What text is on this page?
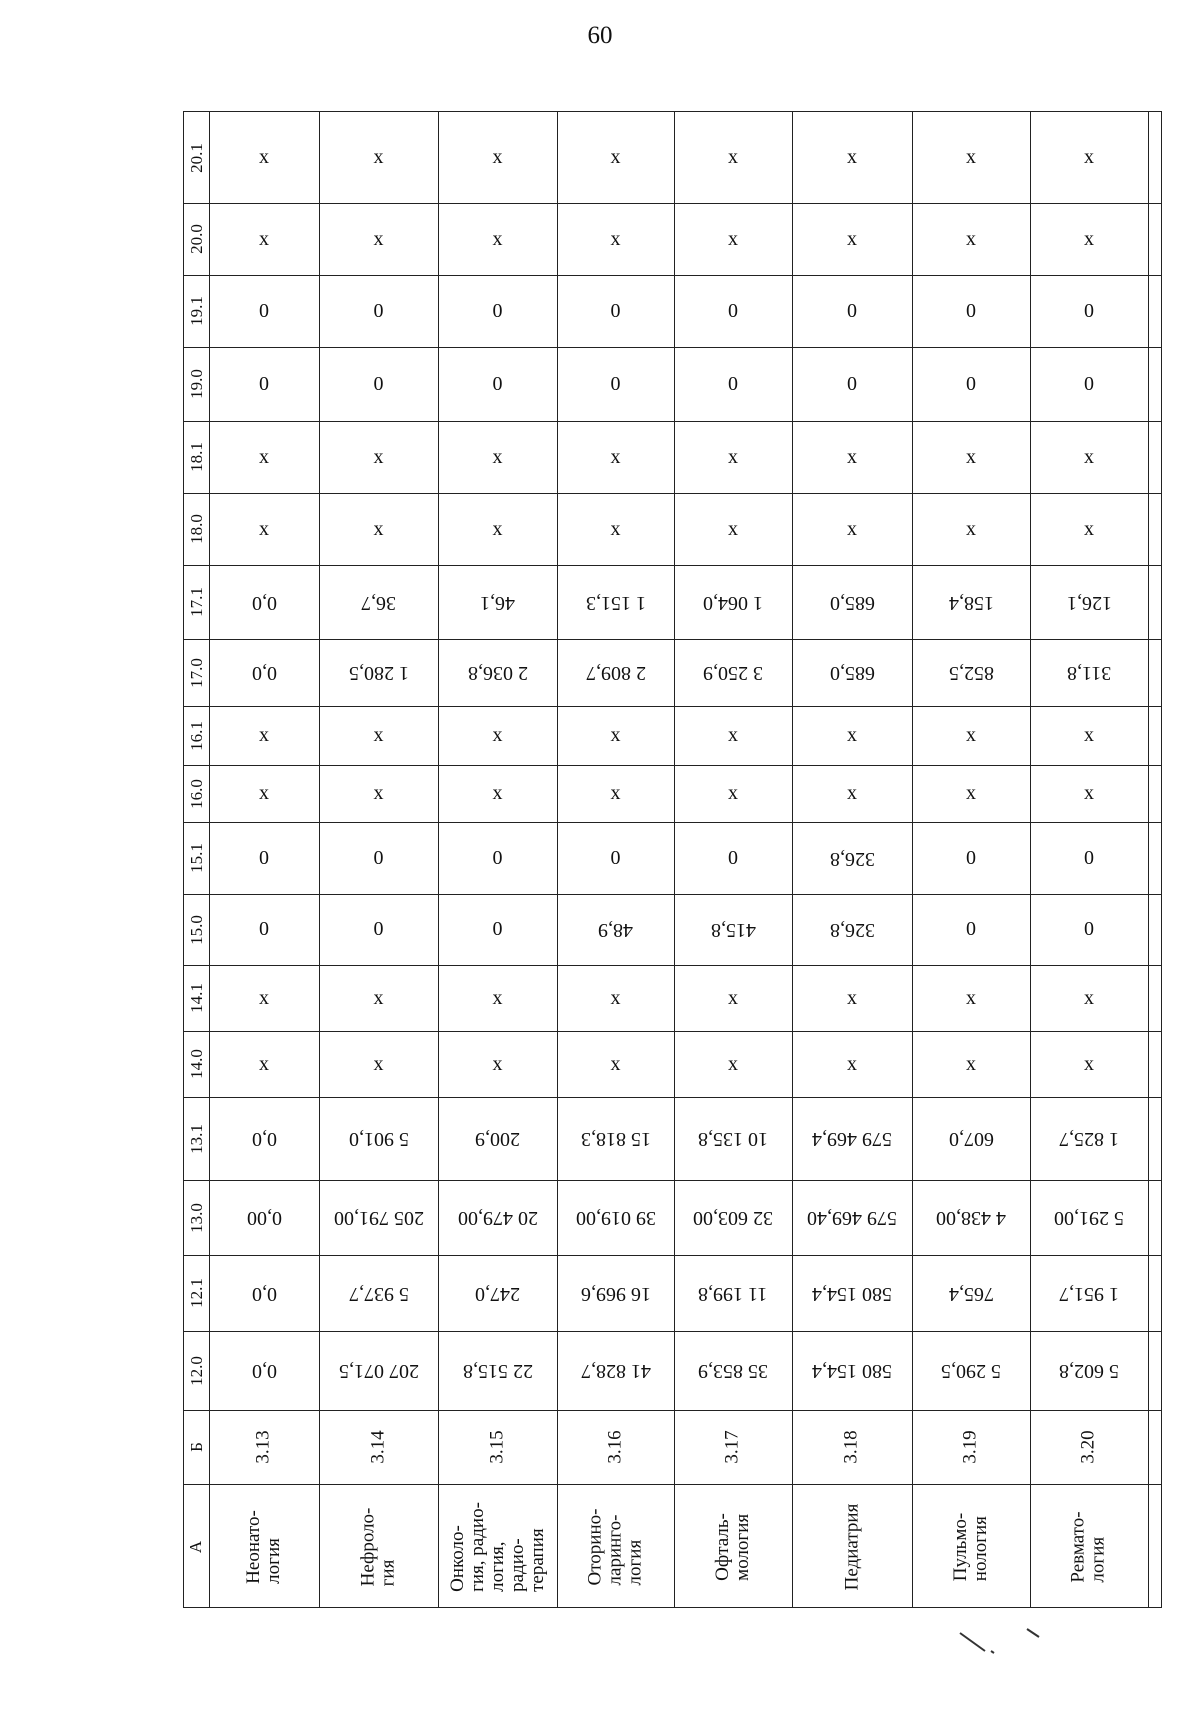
60
12.0
12.1
13.0
13.1
14.0
14.1
15.0
15.1
16.0
16.1
17.0
17.1
18.0
18.1
19.0
19.1
20.0
20.1
Б
А
0,0
0,0
0,00
0,0
x
x
0
0
x
x
0,0
0,0
x
x
0
0
x
x
3.13
Неонато-
логия
207 071,5
5 937,7
205 791,00
5 901,0
x
x
0
0
x
x
1 280,5
36,7
x
x
0
0
x
x
3.14
Нефроло-
гия
22 515,8
247,0
20 479,00
200,9
x
x
0
0
x
x
2 036,8
46,1
x
x
0
0
x
x
3.15
Онколо-
гия, радио-
логия,
радио-
терапия
41 828,7
16 969,6
39 019,00
15 818,3
x
x
48,9
0
x
x
2 809,7
1 151,3
x
x
0
0
x
x
3.16
Оторино-
ларинго-
логия
35 853,9
11 199,8
32 603,00
10 135,8
x
x
415,8
0
x
x
3 250,9
1 064,0
x
x
0
0
x
x
3.17
Офталь-
мология
580 154,4
580 154,4
579 469,40
579 469,4
x
x
326,8
326,8
x
x
685,0
685,0
x
x
0
0
x
x
3.18
Педиатрия
5 290,5
765,4
4 438,00
607,0
x
x
0
0
x
x
852,5
158,4
x
x
0
0
x
x
3.19
Пульмо-
нология
5 602,8
1 951,7
5 291,00
1 825,7
x
x
0
0
x
x
311,8
126,1
x
x
0
0
x
x
3.20
Ревмато-
логия
